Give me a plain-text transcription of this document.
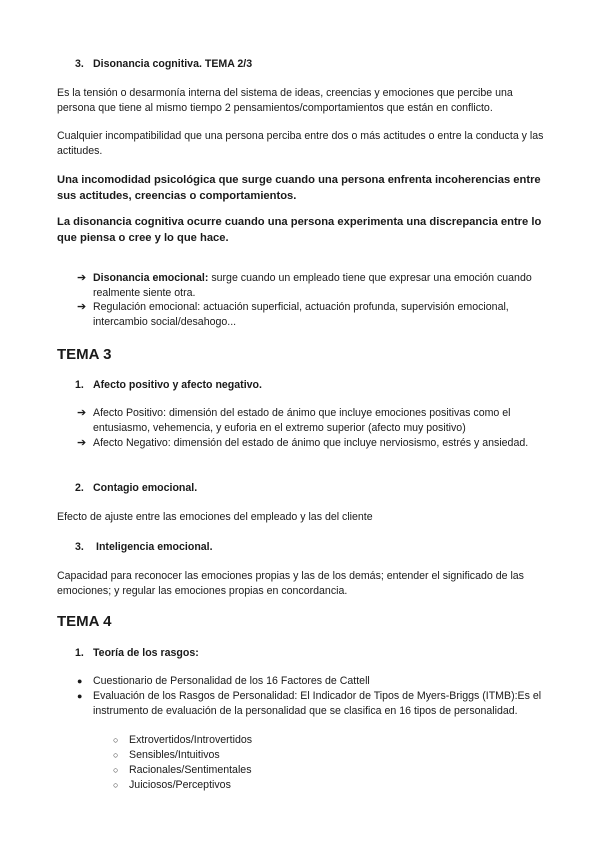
3. Disonancia cognitiva. TEMA 2/3

Es la tensión o desarmonía interna del sistema de ideas, creencias y emociones que percibe una persona que tiene al mismo tiempo 2 pensamientos/comportamientos que están en conflicto.

Cualquier incompatibilidad que una persona perciba entre dos o más actitudes o entre la conducta y las actitudes.

Una incomodidad psicológica que surge cuando una persona enfrenta incoherencias entre sus actitudes, creencias o comportamientos.

La disonancia cognitiva ocurre cuando una persona experimenta una discrepancia entre lo que piensa o cree y lo que hace.

➔ Disonancia emocional: surge cuando un empleado tiene que expresar una emoción cuando realmente siente otra.
➔ Regulación emocional: actuación superficial, actuación profunda, supervisión emocional, intercambio social/desahogo...
TEMA 3
1. Afecto positivo y afecto negativo.
➔ Afecto Positivo: dimensión del estado de ánimo que incluye emociones positivas como el entusiasmo, vehemencia, y euforia en el extremo superior (afecto muy positivo)
➔ Afecto Negativo: dimensión del estado de ánimo que incluye nerviosismo, estrés y ansiedad.
2. Contagio emocional.

Efecto de ajuste entre las emociones del empleado y las del cliente

3. Inteligencia emocional.

Capacidad para reconocer las emociones propias y las de los demás; entender el significado de las emociones; y regular las emociones propias en concordancia.

TEMA 4
1. Teoría de los rasgos:
● Cuestionario de Personalidad de los 16 Factores de Cattell
● Evaluación de los Rasgos de Personalidad: El Indicador de Tipos de Myers-Briggs (ITMB):Es el instrumento de evaluación de la personalidad que se clasifica en 16 tipos de personalidad.
○ Extrovertidos/Introvertidos
○ Sensibles/Intuitivos
○ Racionales/Sentimentales
○ Juiciosos/Perceptivos
